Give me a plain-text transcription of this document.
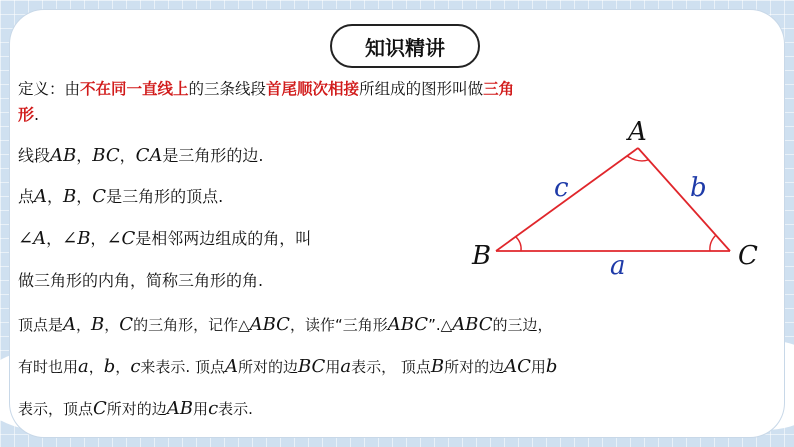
知识精讲
定义：由不在同一直线上的三条线段首尾顺次相接所组成的图形叫做三角
形.
线段AB，BC，CA是三角形的边.
点A，B，C是三角形的顶点.
∠A，∠B，∠C是相邻两边组成的角，叫
做三角形的内角，简称三角形的角.
顶点是A，B，C的三角形，记作△ABC，读作“三角形ABC”.△ABC的三边，
有时也用a，b，c来表示. 顶点A所对的边BC用a表示， 顶点B所对的边AC用b
表示，顶点C所对的边AB用c表示.
A
B	C
c	b
a
